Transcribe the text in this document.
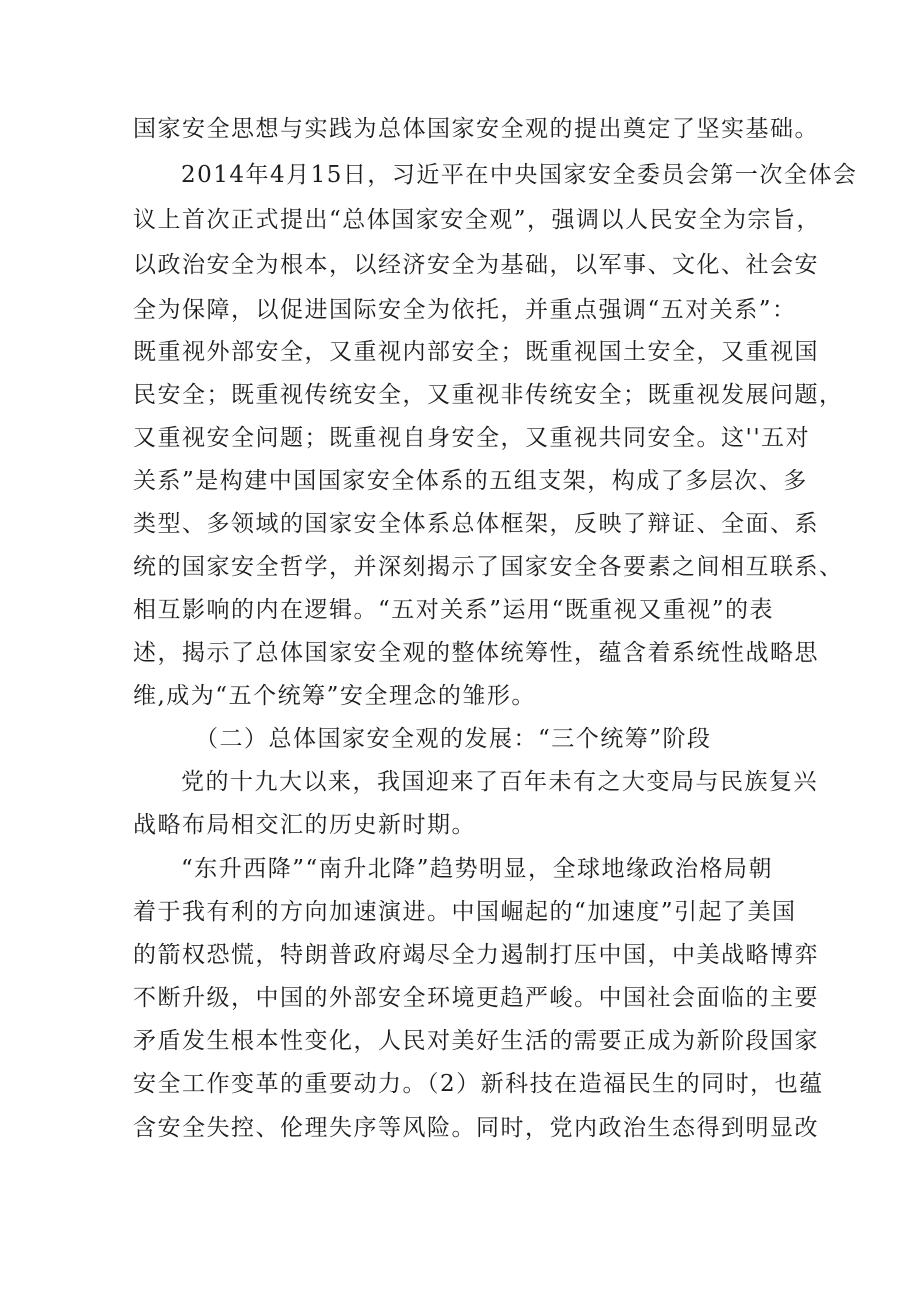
国家安全思想与实践为总体国家安全观的提出奠定了坚实基础。
2014年4月15日，习近平在中央国家安全委员会第一次全体会
议上首次正式提出“总体国家安全观”，强调以人民安全为宗旨，
以政治安全为根本，以经济安全为基础，以军事、文化、社会安
全为保障，以促进国际安全为依托，并重点强调“五对关系”：
既重视外部安全，又重视内部安全；既重视国土安全，又重视国
民安全；既重视传统安全，又重视非传统安全；既重视发展问题，
又重视安全问题；既重视自身安全，又重视共同安全。这''五对
关系”是构建中国国家安全体系的五组支架，构成了多层次、多
类型、多领域的国家安全体系总体框架，反映了辩证、全面、系
统的国家安全哲学，并深刻揭示了国家安全各要素之间相互联系、
相互影响的内在逻辑。“五对关系”运用“既重视又重视”的表
述，揭示了总体国家安全观的整体统筹性，蕴含着系统性战略思
维,成为“五个统筹”安全理念的雏形。
（二）总体国家安全观的发展：“三个统筹”阶段
党的十九大以来，我国迎来了百年未有之大变局与民族复兴
战略布局相交汇的历史新时期。
“东升西降”“南升北降”趋势明显，全球地缘政治格局朝
着于我有利的方向加速演进。中国崛起的“加速度”引起了美国
的箭权恐慌，特朗普政府竭尽全力遏制打压中国，中美战略博弈
不断升级，中国的外部安全环境更趋严峻。中国社会面临的主要
矛盾发生根本性变化，人民对美好生活的需要正成为新阶段国家
安全工作变革的重要动力。（2）新科技在造福民生的同时，也蕴
含安全失控、伦理失序等风险。同时，党内政治生态得到明显改
